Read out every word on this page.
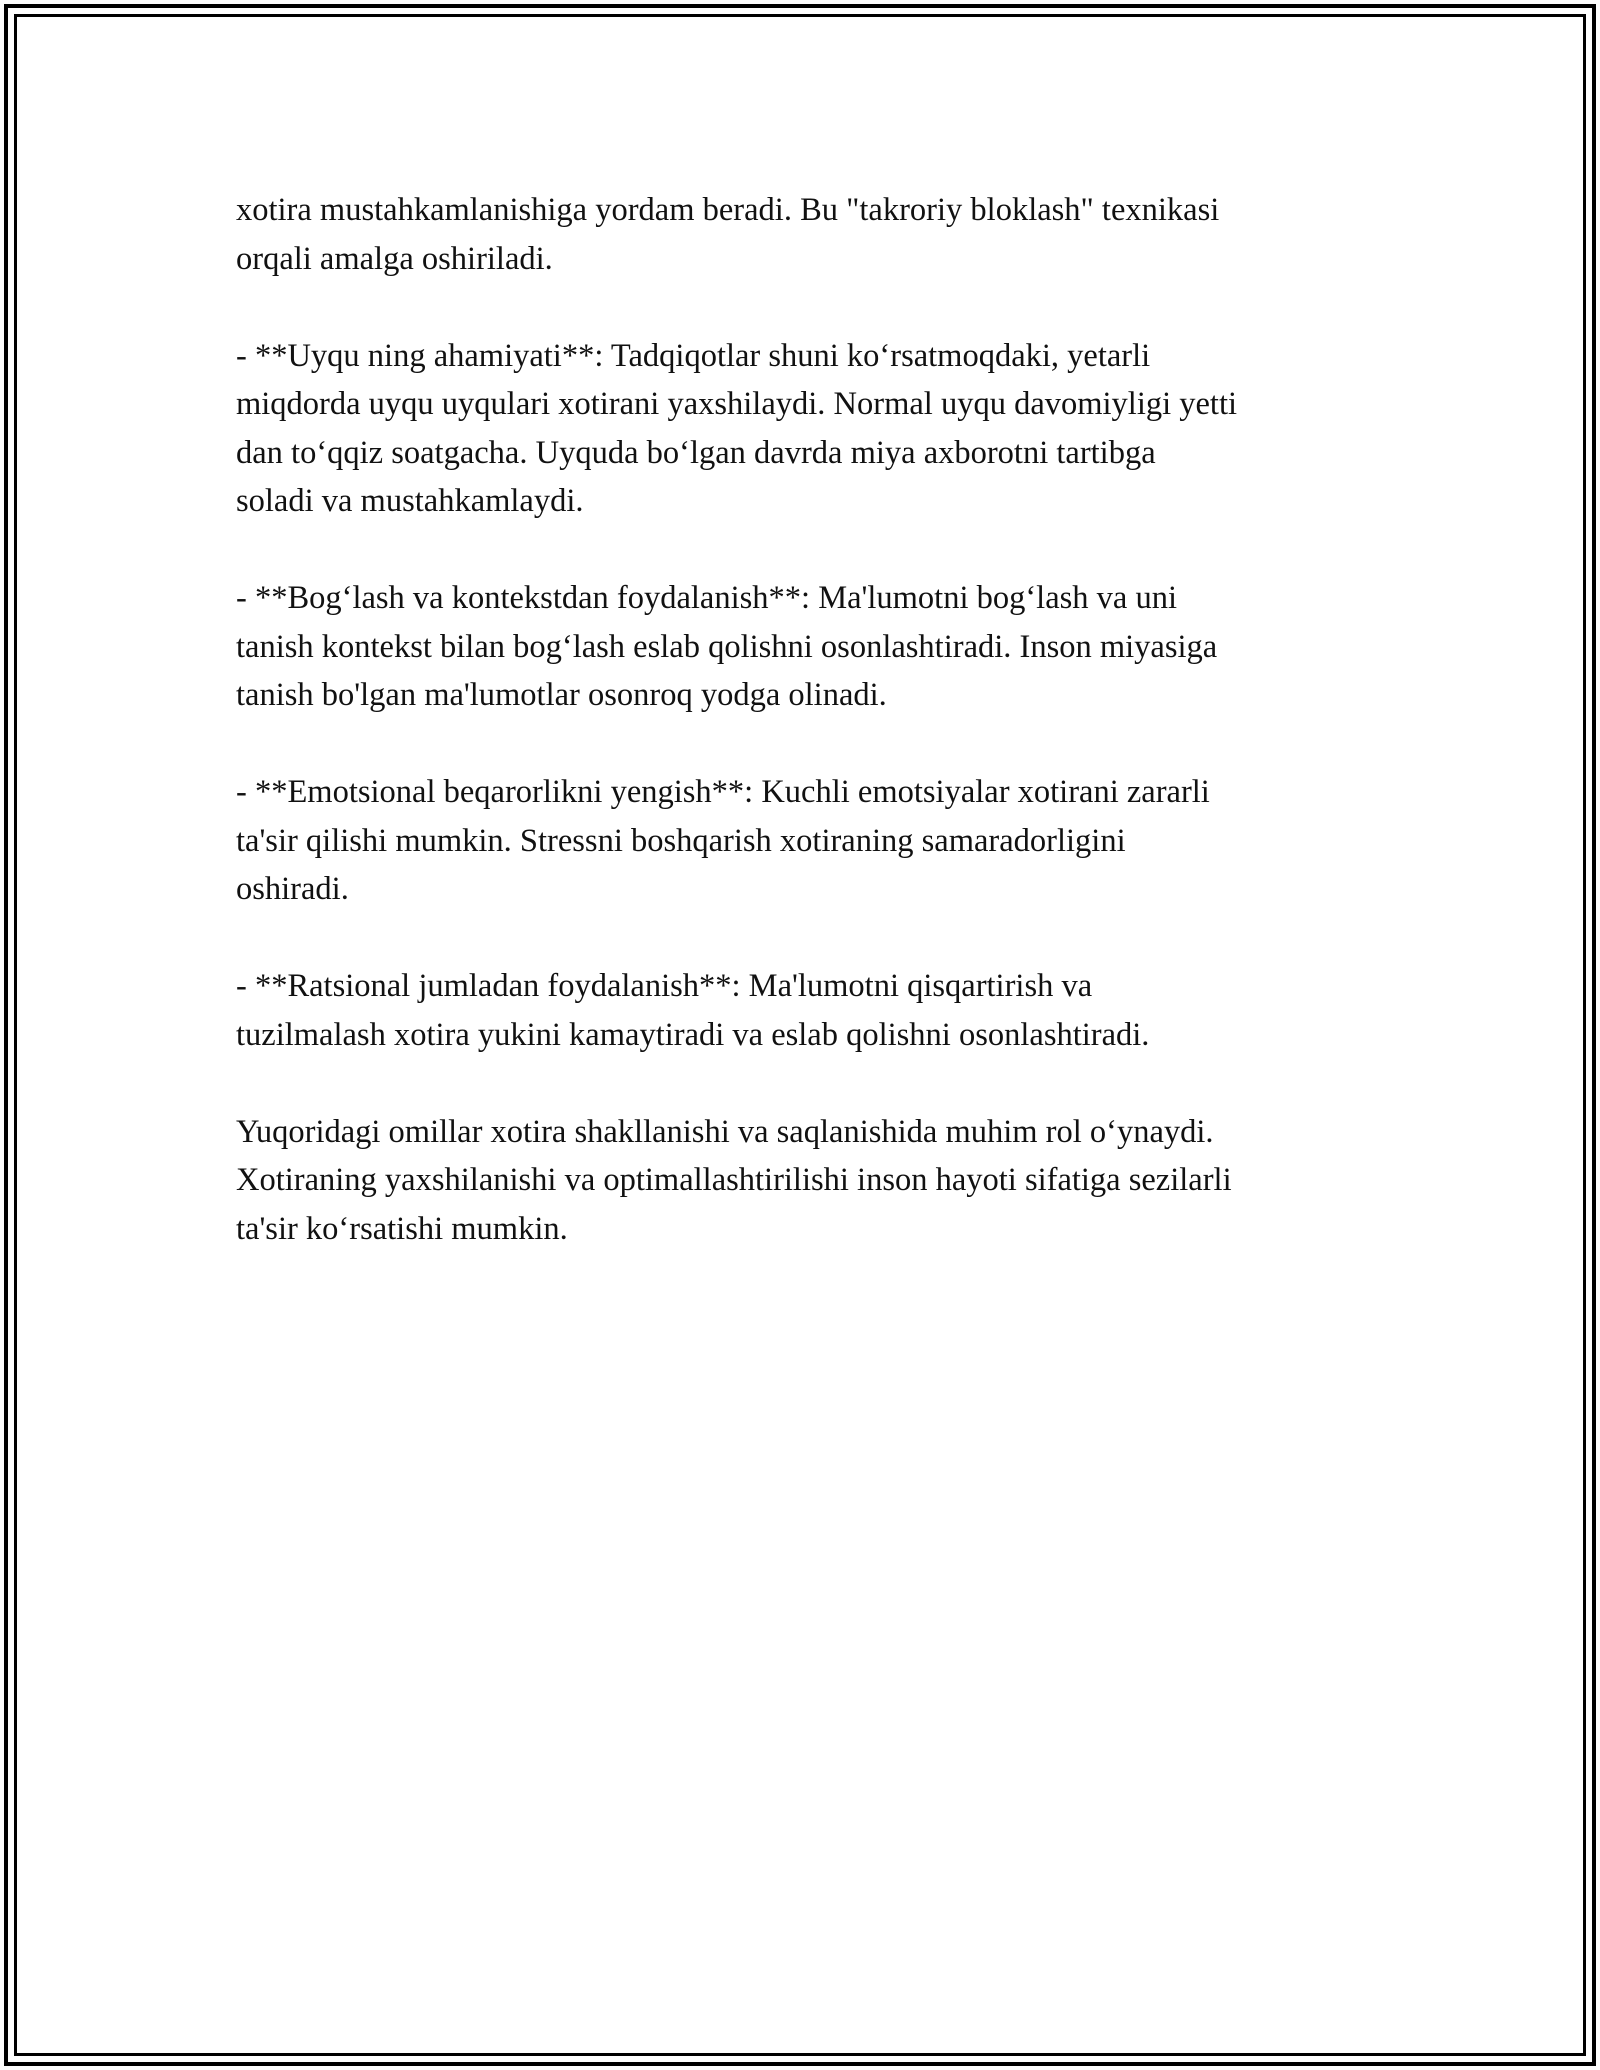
xotira mustahkamlanishiga yordam beradi. Bu "takroriy bloklash" texnikasi
orqali amalga oshiriladi.

- **Uyqu ning ahamiyati**: Tadqiqotlar shuni ko‘rsatmoqdaki, yetarli
miqdorda uyqu uyqulari xotirani yaxshilaydi. Normal uyqu davomiyligi yetti
dan to‘qqiz soatgacha. Uyquda bo‘lgan davrda miya axborotni tartibga
soladi va mustahkamlaydi.

- **Bog‘lash va kontekstdan foydalanish**: Ma'lumotni bog‘lash va uni
tanish kontekst bilan bog‘lash eslab qolishni osonlashtiradi. Inson miyasiga
tanish bo'lgan ma'lumotlar osonroq yodga olinadi.

- **Emotsional beqarorlikni yengish**: Kuchli emotsiyalar xotirani zararli
ta'sir qilishi mumkin. Stressni boshqarish xotiraning samaradorligini
oshiradi.

- **Ratsional jumladan foydalanish**: Ma'lumotni qisqartirish va
tuzilmalash xotira yukini kamaytiradi va eslab qolishni osonlashtiradi.

Yuqoridagi omillar xotira shakllanishi va saqlanishida muhim rol o‘ynaydi.
Xotiraning yaxshilanishi va optimallashtirilishi inson hayoti sifatiga sezilarli
ta'sir ko‘rsatishi mumkin.
